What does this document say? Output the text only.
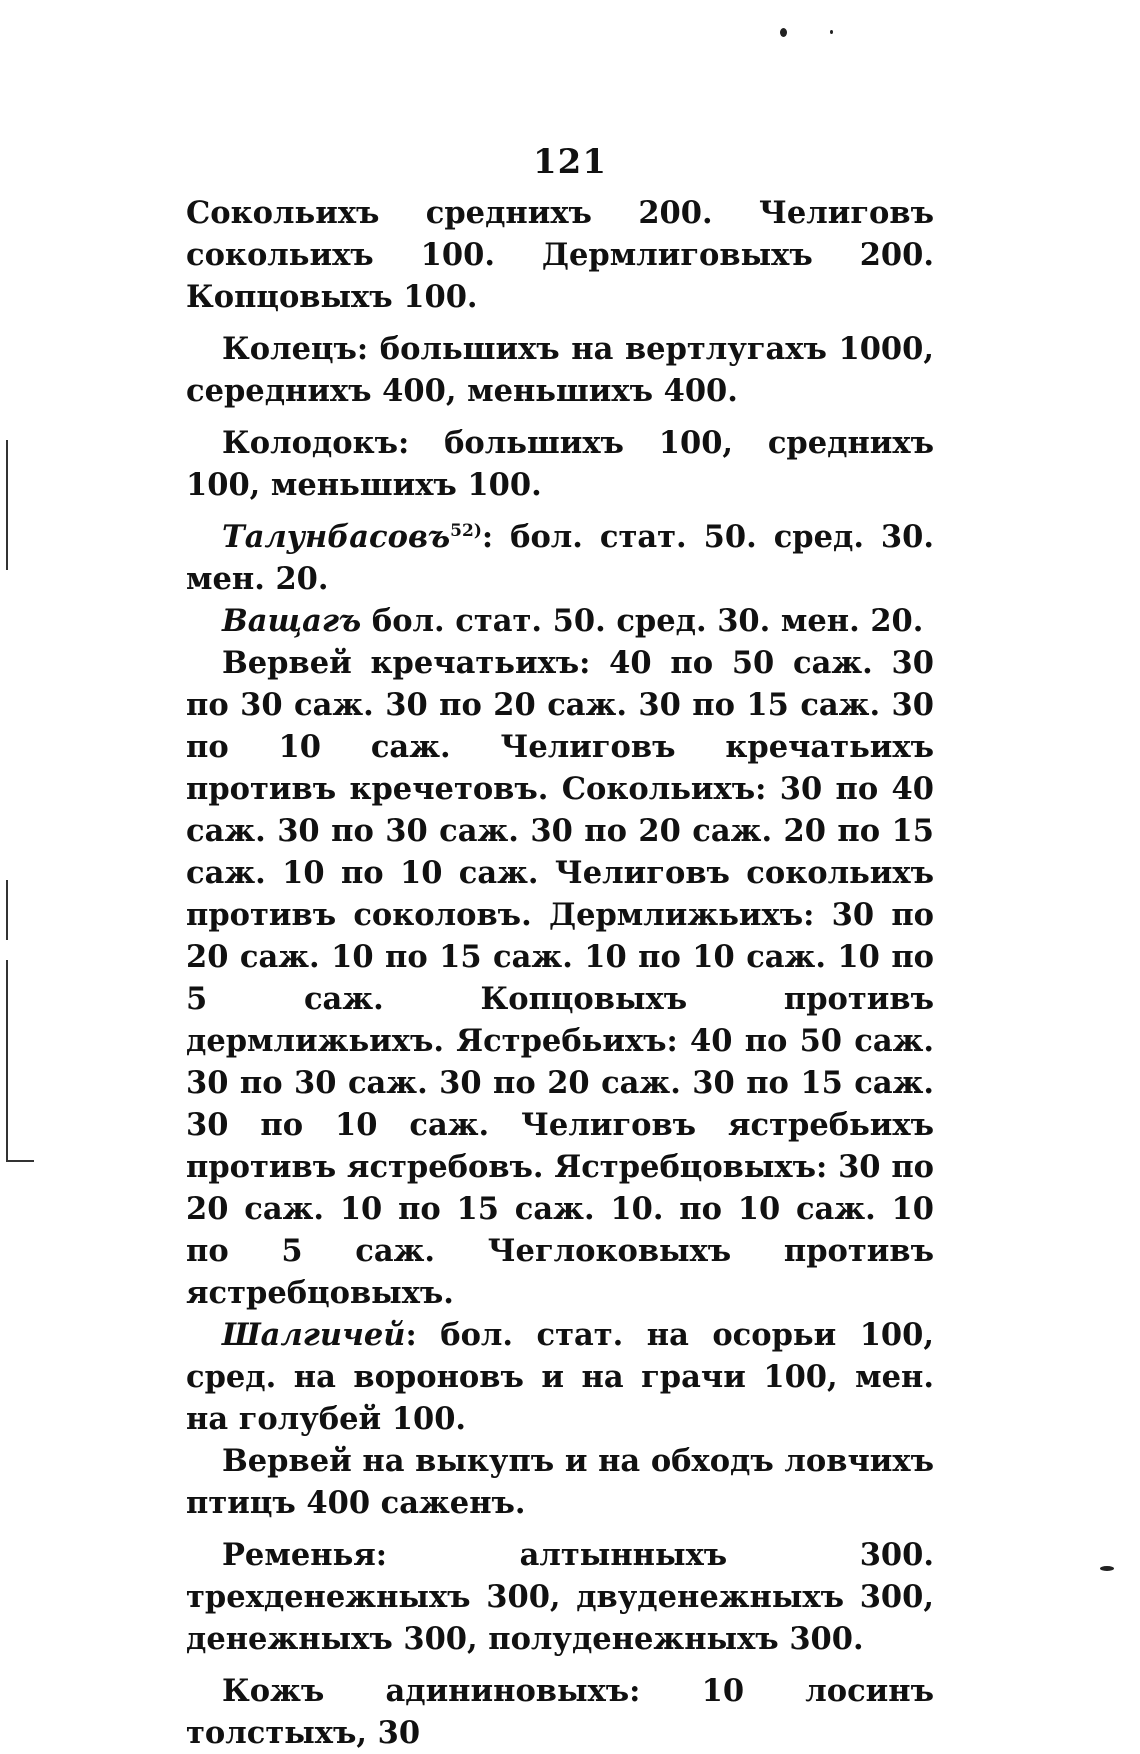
121

Сокольихъ среднихъ 200. Челиговъ сокольихъ 100. Дермлиговыхъ 200. Копцовыхъ 100.

Колецъ: большихъ на вертлугахъ 1000, середнихъ 400, меньшихъ 400.

Колодокъ: большихъ 100, среднихъ 100, меньшихъ 100.

Талунбасовъ$^{52)}$: бол. стат. 50. сред. 30. мен. 20.

Ващагъ бол. стат. 50. сред. 30. мен. 20.

Вервей кречатьихъ: 40 по 50 саж. 30 по 30 саж. 30 по 20 саж. 30 по 15 саж. 30 по 10 саж. Челиговъ кречатьихъ противъ кречетовъ. Сокольихъ: 30 по 40 саж. 30 по 30 саж. 30 по 20 саж. 20 по 15 саж. 10 по 10 саж. Челиговъ сокольихъ противъ соколовъ. Дермлижьихъ: 30 по 20 саж. 10 по 15 саж. 10 по 10 саж. 10 по 5 саж. Копцовыхъ противъ дермлижьихъ. Ястребьихъ: 40 по 50 саж. 30 по 30 саж. 30 по 20 саж. 30 по 15 саж. 30 по 10 саж. Челиговъ ястребьихъ противъ ястребовъ. Ястребцовыхъ: 30 по 20 саж. 10 по 15 саж. 10. по 10 саж. 10 по 5 саж. Чеглоковыхъ противъ ястребцовыхъ.

Шалгичей: бол. стат. на осорьи 100, сред. на вороновъ и на грачи 100, мен. на голубей 100.

Вервей на выкупъ и на обходъ ловчихъ птицъ 400 саженъ.

Ременья: алтынныхъ 300. трехденежныхъ 300, двуденежныхъ 300, денежныхъ 300, полуденежныхъ 300.

Кожъ адининовыхъ: 10 лосинъ толстыхъ, 30
